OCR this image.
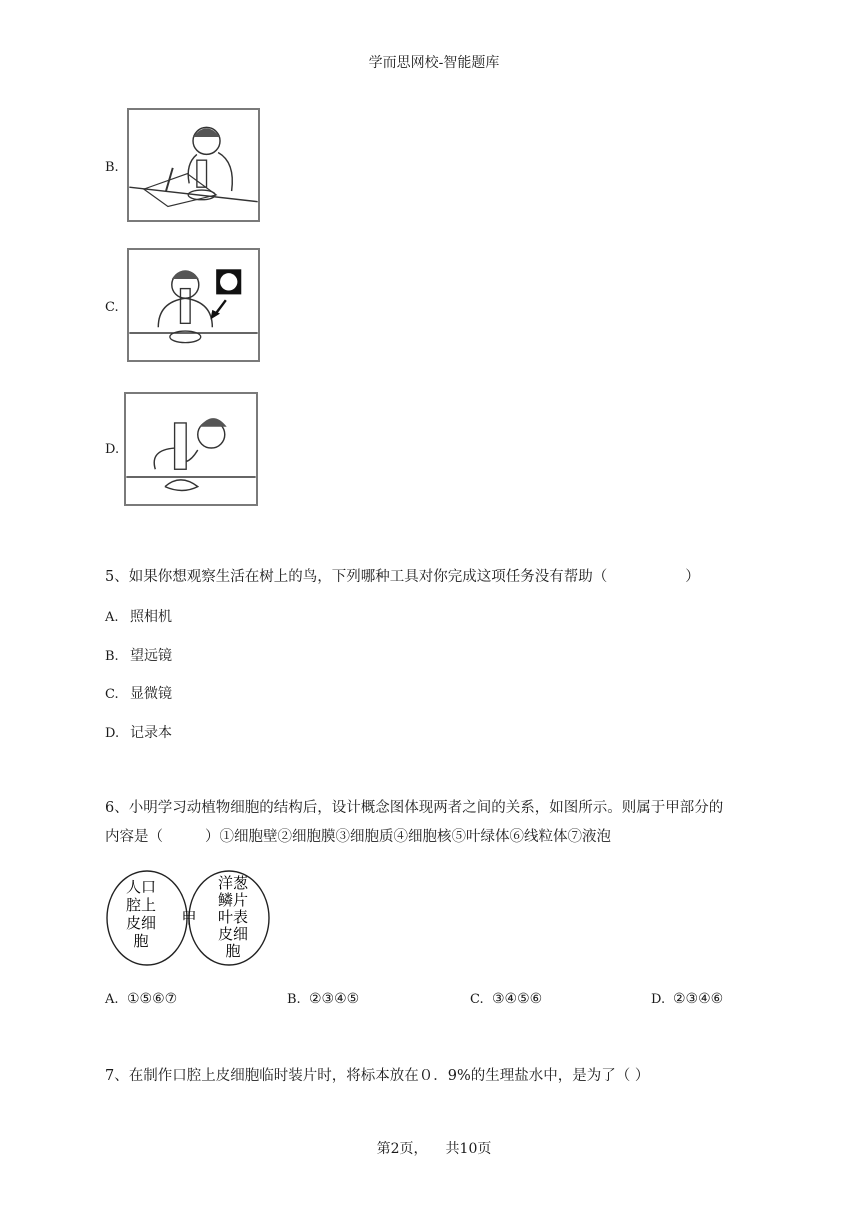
学而思网校-智能题库
B.
C.
D.
5、如果你想观察生活在树上的鸟，下列哪种工具对你完成这项任务没有帮助（	）
A. 照相机
B. 望远镜
C. 显微镜
D. 记录本
6、小明学习动植物细胞的结构后，设计概念图体现两者之间的关系，如图所示。则属于甲部分的
内容是（	）①细胞壁②细胞膜③细胞质④细胞核⑤叶绿体⑥线粒体⑦液泡
人口
腔上
皮细
胞
甲
洋葱
鳞片
叶表
皮细
胞
A. ①⑤⑥⑦	B. ②③④⑤	C. ③④⑤⑥	D. ②③④⑥
7、在制作口腔上皮细胞临时装片时，将标本放在０．9%的生理盐水中，是为了（ ）
第2页， 共10页
